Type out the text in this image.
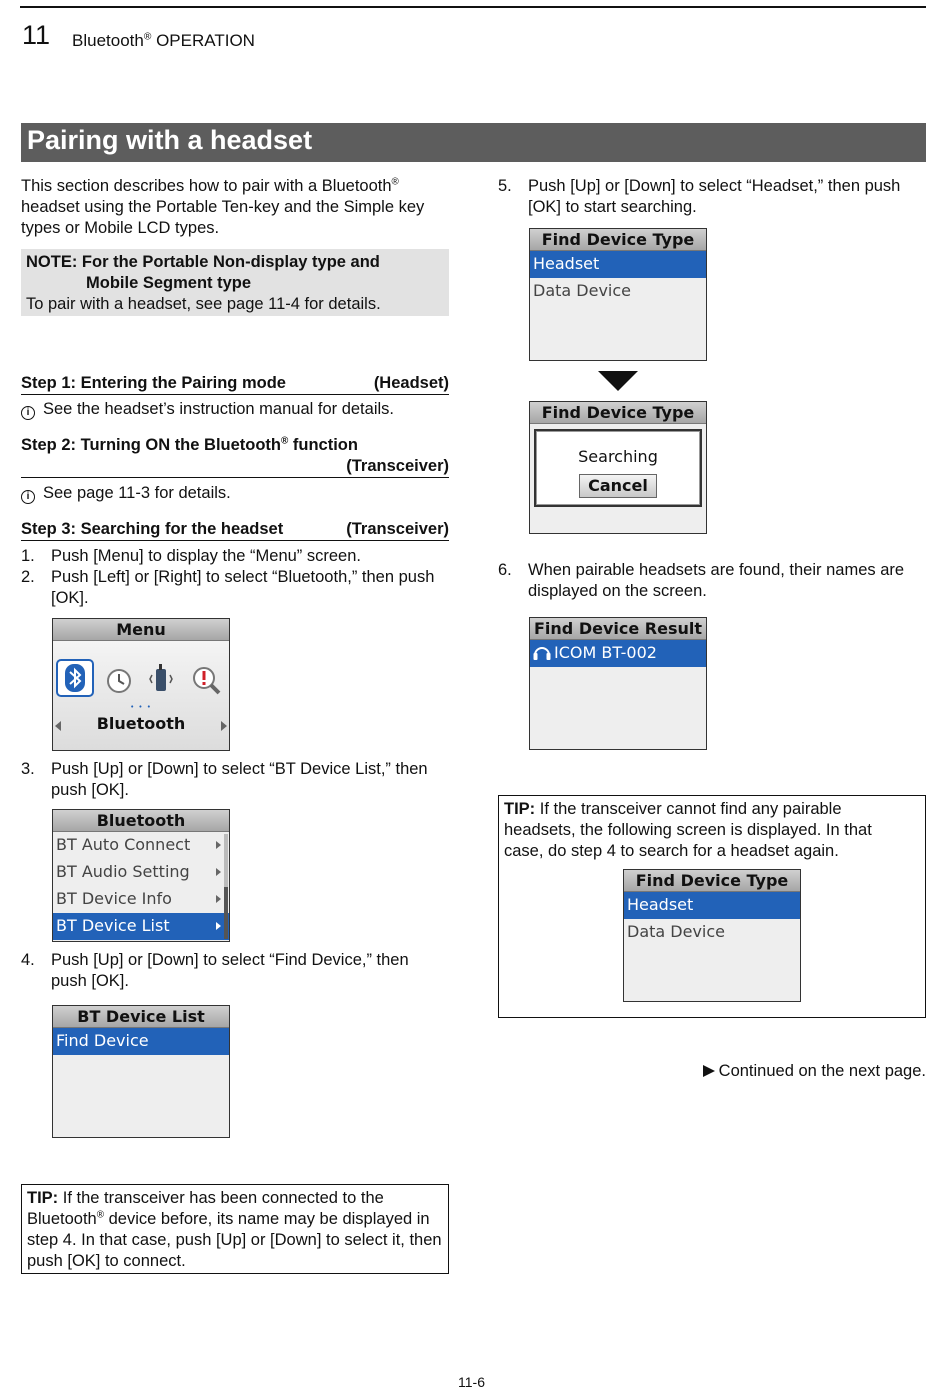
11 Bluetooth® OPERATION
Pairing with a headset
This section describes how to pair with a Bluetooth® headset using the Portable Ten-key and the Simple key types or Mobile LCD types.
NOTE: For the Portable Non-display type and
Mobile Segment type
To pair with a headset, see page 11-4 for details.
Step 1: Entering the Pairing mode	(Headset)
i See the headset’s instruction manual for details.
Step 2: Turning ON the Bluetooth® function
(Transceiver)
i See page 11-3 for details.
Step 3: Searching for the headset	(Transceiver)
1. Push [Menu] to display the “Menu” screen.
2. Push [Left] or [Right] to select “Bluetooth,” then push [OK].
Menu
• • •
Bluetooth
3. Push [Up] or [Down] to select “BT Device List,” then push [OK].
Bluetooth
BT Auto Connect
BT Audio Setting
BT Device Info
BT Device List
4. Push [Up] or [Down] to select “Find Device,” then push [OK].
BT Device List
Find Device
TIP: If the transceiver has been connected to the Bluetooth® device before, its name may be displayed in step 4. In that case, push [Up] or [Down] to select it, then push [OK] to connect.
5. Push [Up] or [Down] to select “Headset,” then push [OK] to start searching.
Find Device Type
Headset
Data Device
Find Device Type
Searching
Cancel
6. When pairable headsets are found, their names are displayed on the screen.
Find Device Result
ICOM BT-002
TIP: If the transceiver cannot find any pairable headsets, the following screen is displayed. In that case, do step 4 to search for a headset again.
Find Device Type
Headset
Data Device
Continued on the next page.
11-6
